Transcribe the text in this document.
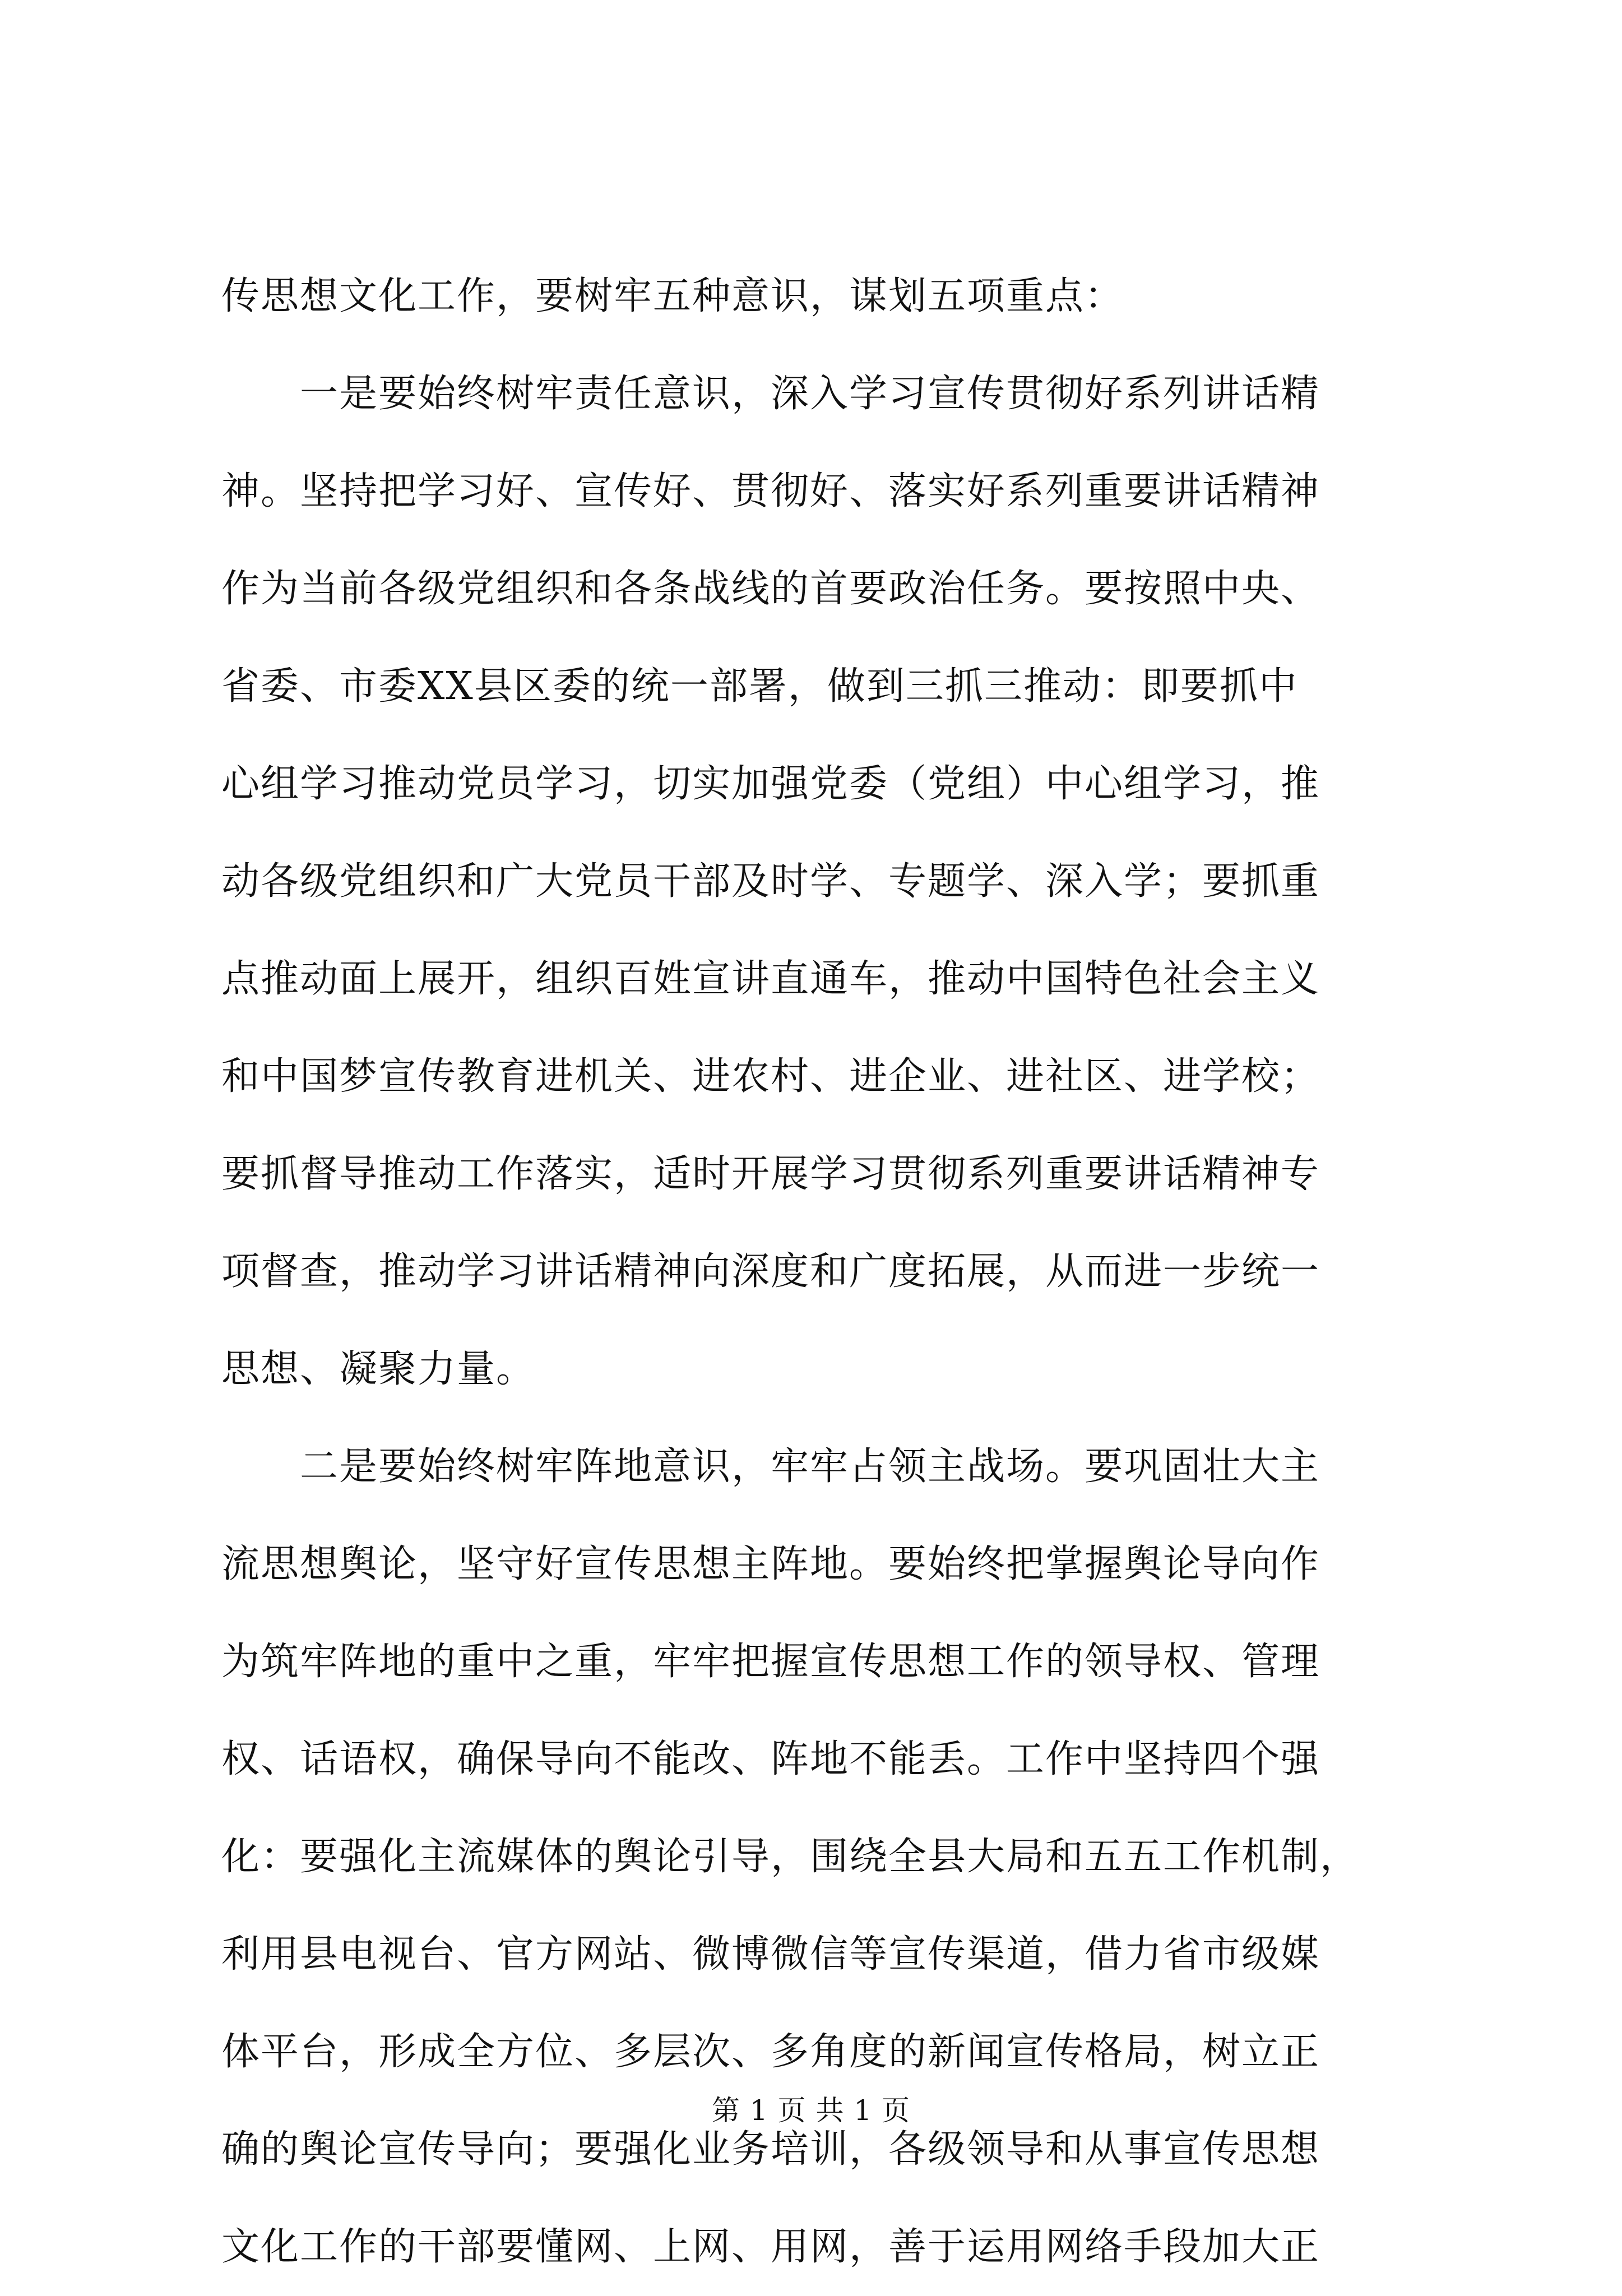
传思想文化工作，要树牢五种意识，谋划五项重点：
　　一是要始终树牢责任意识，深入学习宣传贯彻好系列讲话精
神。坚持把学习好、宣传好、贯彻好、落实好系列重要讲话精神
作为当前各级党组织和各条战线的首要政治任务。要按照中央、
省委、市委XX县区委的统一部署，做到三抓三推动：即要抓中
心组学习推动党员学习，切实加强党委（党组）中心组学习，推
动各级党组织和广大党员干部及时学、专题学、深入学；要抓重
点推动面上展开，组织百姓宣讲直通车，推动中国特色社会主义
和中国梦宣传教育进机关、进农村、进企业、进社区、进学校；
要抓督导推动工作落实，适时开展学习贯彻系列重要讲话精神专
项督查，推动学习讲话精神向深度和广度拓展，从而进一步统一
思想、凝聚力量。
　　二是要始终树牢阵地意识，牢牢占领主战场。要巩固壮大主
流思想舆论，坚守好宣传思想主阵地。要始终把掌握舆论导向作
为筑牢阵地的重中之重，牢牢把握宣传思想工作的领导权、管理
权、话语权，确保导向不能改、阵地不能丢。工作中坚持四个强
化：要强化主流媒体的舆论引导，围绕全县大局和五五工作机制，
利用县电视台、官方网站、微博微信等宣传渠道，借力省市级媒
体平台，形成全方位、多层次、多角度的新闻宣传格局，树立正
确的舆论宣传导向；要强化业务培训，各级领导和从事宣传思想
文化工作的干部要懂网、上网、用网，善于运用网络手段加大正
第 1 页 共 1 页
